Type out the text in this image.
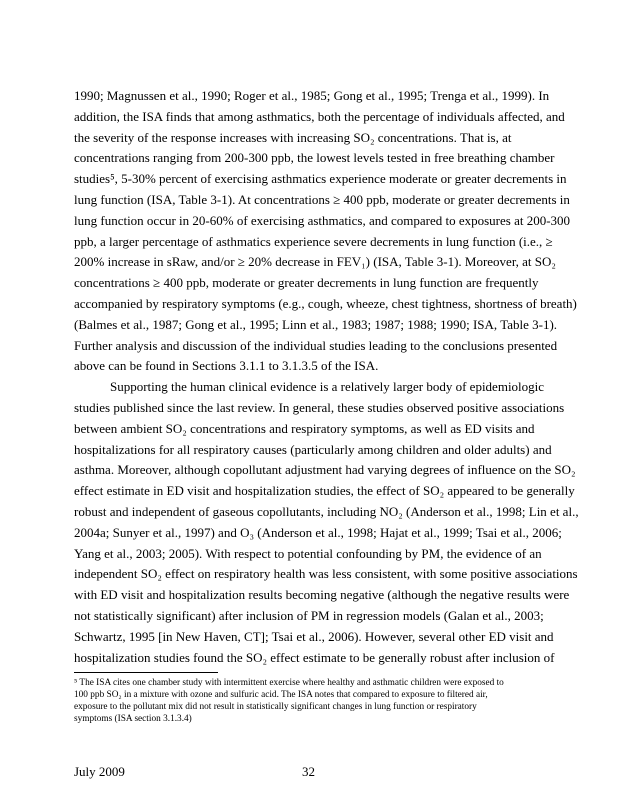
1990; Magnussen et al., 1990; Roger et al., 1985; Gong et al., 1995; Trenga et al., 1999). In
addition, the ISA finds that among asthmatics, both the percentage of individuals affected, and
the severity of the response increases with increasing SO₂ concentrations. That is, at
concentrations ranging from 200-300 ppb, the lowest levels tested in free breathing chamber
studies⁵, 5-30% percent of exercising asthmatics experience moderate or greater decrements in
lung function (ISA, Table 3-1). At concentrations ≥ 400 ppb, moderate or greater decrements in
lung function occur in 20-60% of exercising asthmatics, and compared to exposures at 200-300
ppb, a larger percentage of asthmatics experience severe decrements in lung function (i.e., ≥
200% increase in sRaw, and/or ≥ 20% decrease in FEV₁) (ISA, Table 3-1). Moreover, at SO₂
concentrations ≥ 400 ppb, moderate or greater decrements in lung function are frequently
accompanied by respiratory symptoms (e.g., cough, wheeze, chest tightness, shortness of breath)
(Balmes et al., 1987; Gong et al., 1995; Linn et al., 1983; 1987; 1988; 1990; ISA, Table 3-1).
Further analysis and discussion of the individual studies leading to the conclusions presented
above can be found in Sections 3.1.1 to 3.1.3.5 of the ISA.
Supporting the human clinical evidence is a relatively larger body of epidemiologic
studies published since the last review. In general, these studies observed positive associations
between ambient SO₂ concentrations and respiratory symptoms, as well as ED visits and
hospitalizations for all respiratory causes (particularly among children and older adults) and
asthma. Moreover, although copollutant adjustment had varying degrees of influence on the SO₂
effect estimate in ED visit and hospitalization studies, the effect of SO₂ appeared to be generally
robust and independent of gaseous copollutants, including NO₂ (Anderson et al., 1998; Lin et al.,
2004a; Sunyer et al., 1997) and O₃ (Anderson et al., 1998; Hajat et al., 1999; Tsai et al., 2006;
Yang et al., 2003; 2005). With respect to potential confounding by PM, the evidence of an
independent SO₂ effect on respiratory health was less consistent, with some positive associations
with ED visit and hospitalization results becoming negative (although the negative results were
not statistically significant) after inclusion of PM in regression models (Galan et al., 2003;
Schwartz, 1995 [in New Haven, CT]; Tsai et al., 2006). However, several other ED visit and
hospitalization studies found the SO₂ effect estimate to be generally robust after inclusion of
⁵ The ISA cites one chamber study with intermittent exercise where healthy and asthmatic children were exposed to
100 ppb SO₂ in a mixture with ozone and sulfuric acid. The ISA notes that compared to exposure to filtered air,
exposure to the pollutant mix did not result in statistically significant changes in lung function or respiratory
symptoms (ISA section 3.1.3.4)
July 2009	32
